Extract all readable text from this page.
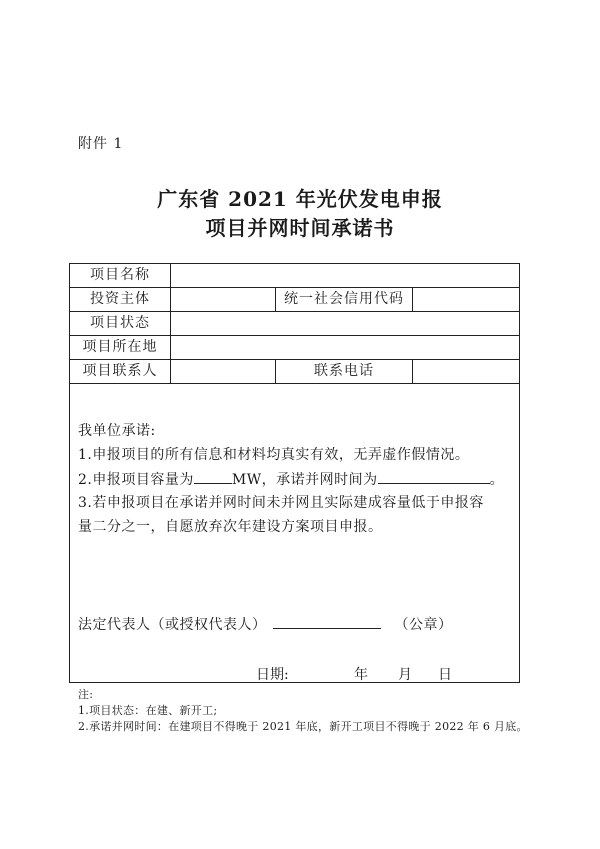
附件 1
广东省 2021 年光伏发电申报
项目并网时间承诺书
项目名称
投资主体	统一社会信用代码
项目状态
项目所在地
项目联系人	联系电话
我单位承诺:
1.申报项目的所有信息和材料均真实有效，无弄虚作假情况。
2.申报项目容量为	MW，承诺并网时间为	。
3.若申报项目在承诺并网时间未并网且实际建成容量低于申报容
量二分之一，自愿放弃次年建设方案项目申报。
法定代表人（或授权代表人）	（公章）
日期:	年 月 日
注:
1.项目状态：在建、新开工;
2.承诺并网时间：在建项目不得晚于 2021 年底，新开工项目不得晚于 2022 年 6 月底。
